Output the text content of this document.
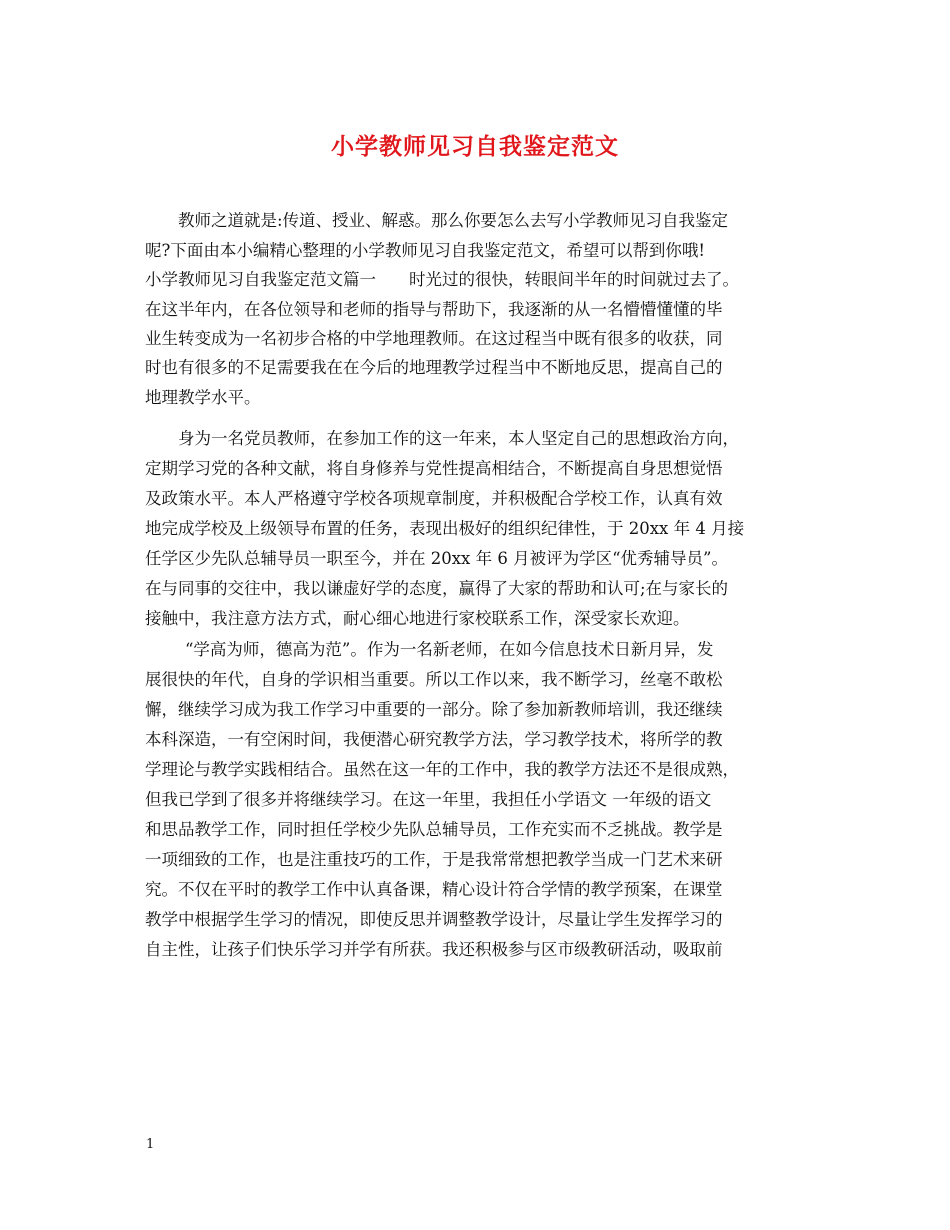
小学教师见习自我鉴定范文
教师之道就是:传道、授业、解惑。那么你要怎么去写小学教师见习自我鉴定
呢?下面由本小编精心整理的小学教师见习自我鉴定范文，希望可以帮到你哦!
小学教师见习自我鉴定范文篇一　　时光过的很快，转眼间半年的时间就过去了。
在这半年内，在各位领导和老师的指导与帮助下，我逐渐的从一名懵懵懂懂的毕
业生转变成为一名初步合格的中学地理教师。在这过程当中既有很多的收获，同
时也有很多的不足需要我在在今后的地理教学过程当中不断地反思，提高自己的
地理教学水平。
身为一名党员教师，在参加工作的这一年来，本人坚定自己的思想政治方向，
定期学习党的各种文献，将自身修养与党性提高相结合，不断提高自身思想觉悟
及政策水平。本人严格遵守学校各项规章制度，并积极配合学校工作，认真有效
地完成学校及上级领导布置的任务，表现出极好的组织纪律性，于 20xx 年 4 月接
任学区少先队总辅导员一职至今，并在 20xx 年 6 月被评为学区“优秀辅导员”。
在与同事的交往中，我以谦虚好学的态度，赢得了大家的帮助和认可;在与家长的
接触中，我注意方法方式，耐心细心地进行家校联系工作，深受家长欢迎。
“学高为师，德高为范”。作为一名新老师，在如今信息技术日新月异，发
展很快的年代，自身的学识相当重要。所以工作以来，我不断学习，丝毫不敢松
懈，继续学习成为我工作学习中重要的一部分。除了参加新教师培训，我还继续
本科深造，一有空闲时间，我便潜心研究教学方法，学习教学技术，将所学的教
学理论与教学实践相结合。虽然在这一年的工作中，我的教学方法还不是很成熟，
但我已学到了很多并将继续学习。在这一年里，我担任小学语文 一年级的语文
和思品教学工作，同时担任学校少先队总辅导员，工作充实而不乏挑战。教学是
一项细致的工作，也是注重技巧的工作，于是我常常想把教学当成一门艺术来研
究。不仅在平时的教学工作中认真备课，精心设计符合学情的教学预案，在课堂
教学中根据学生学习的情况，即使反思并调整教学设计，尽量让学生发挥学习的
自主性，让孩子们快乐学习并学有所获。我还积极参与区市级教研活动，吸取前
1
